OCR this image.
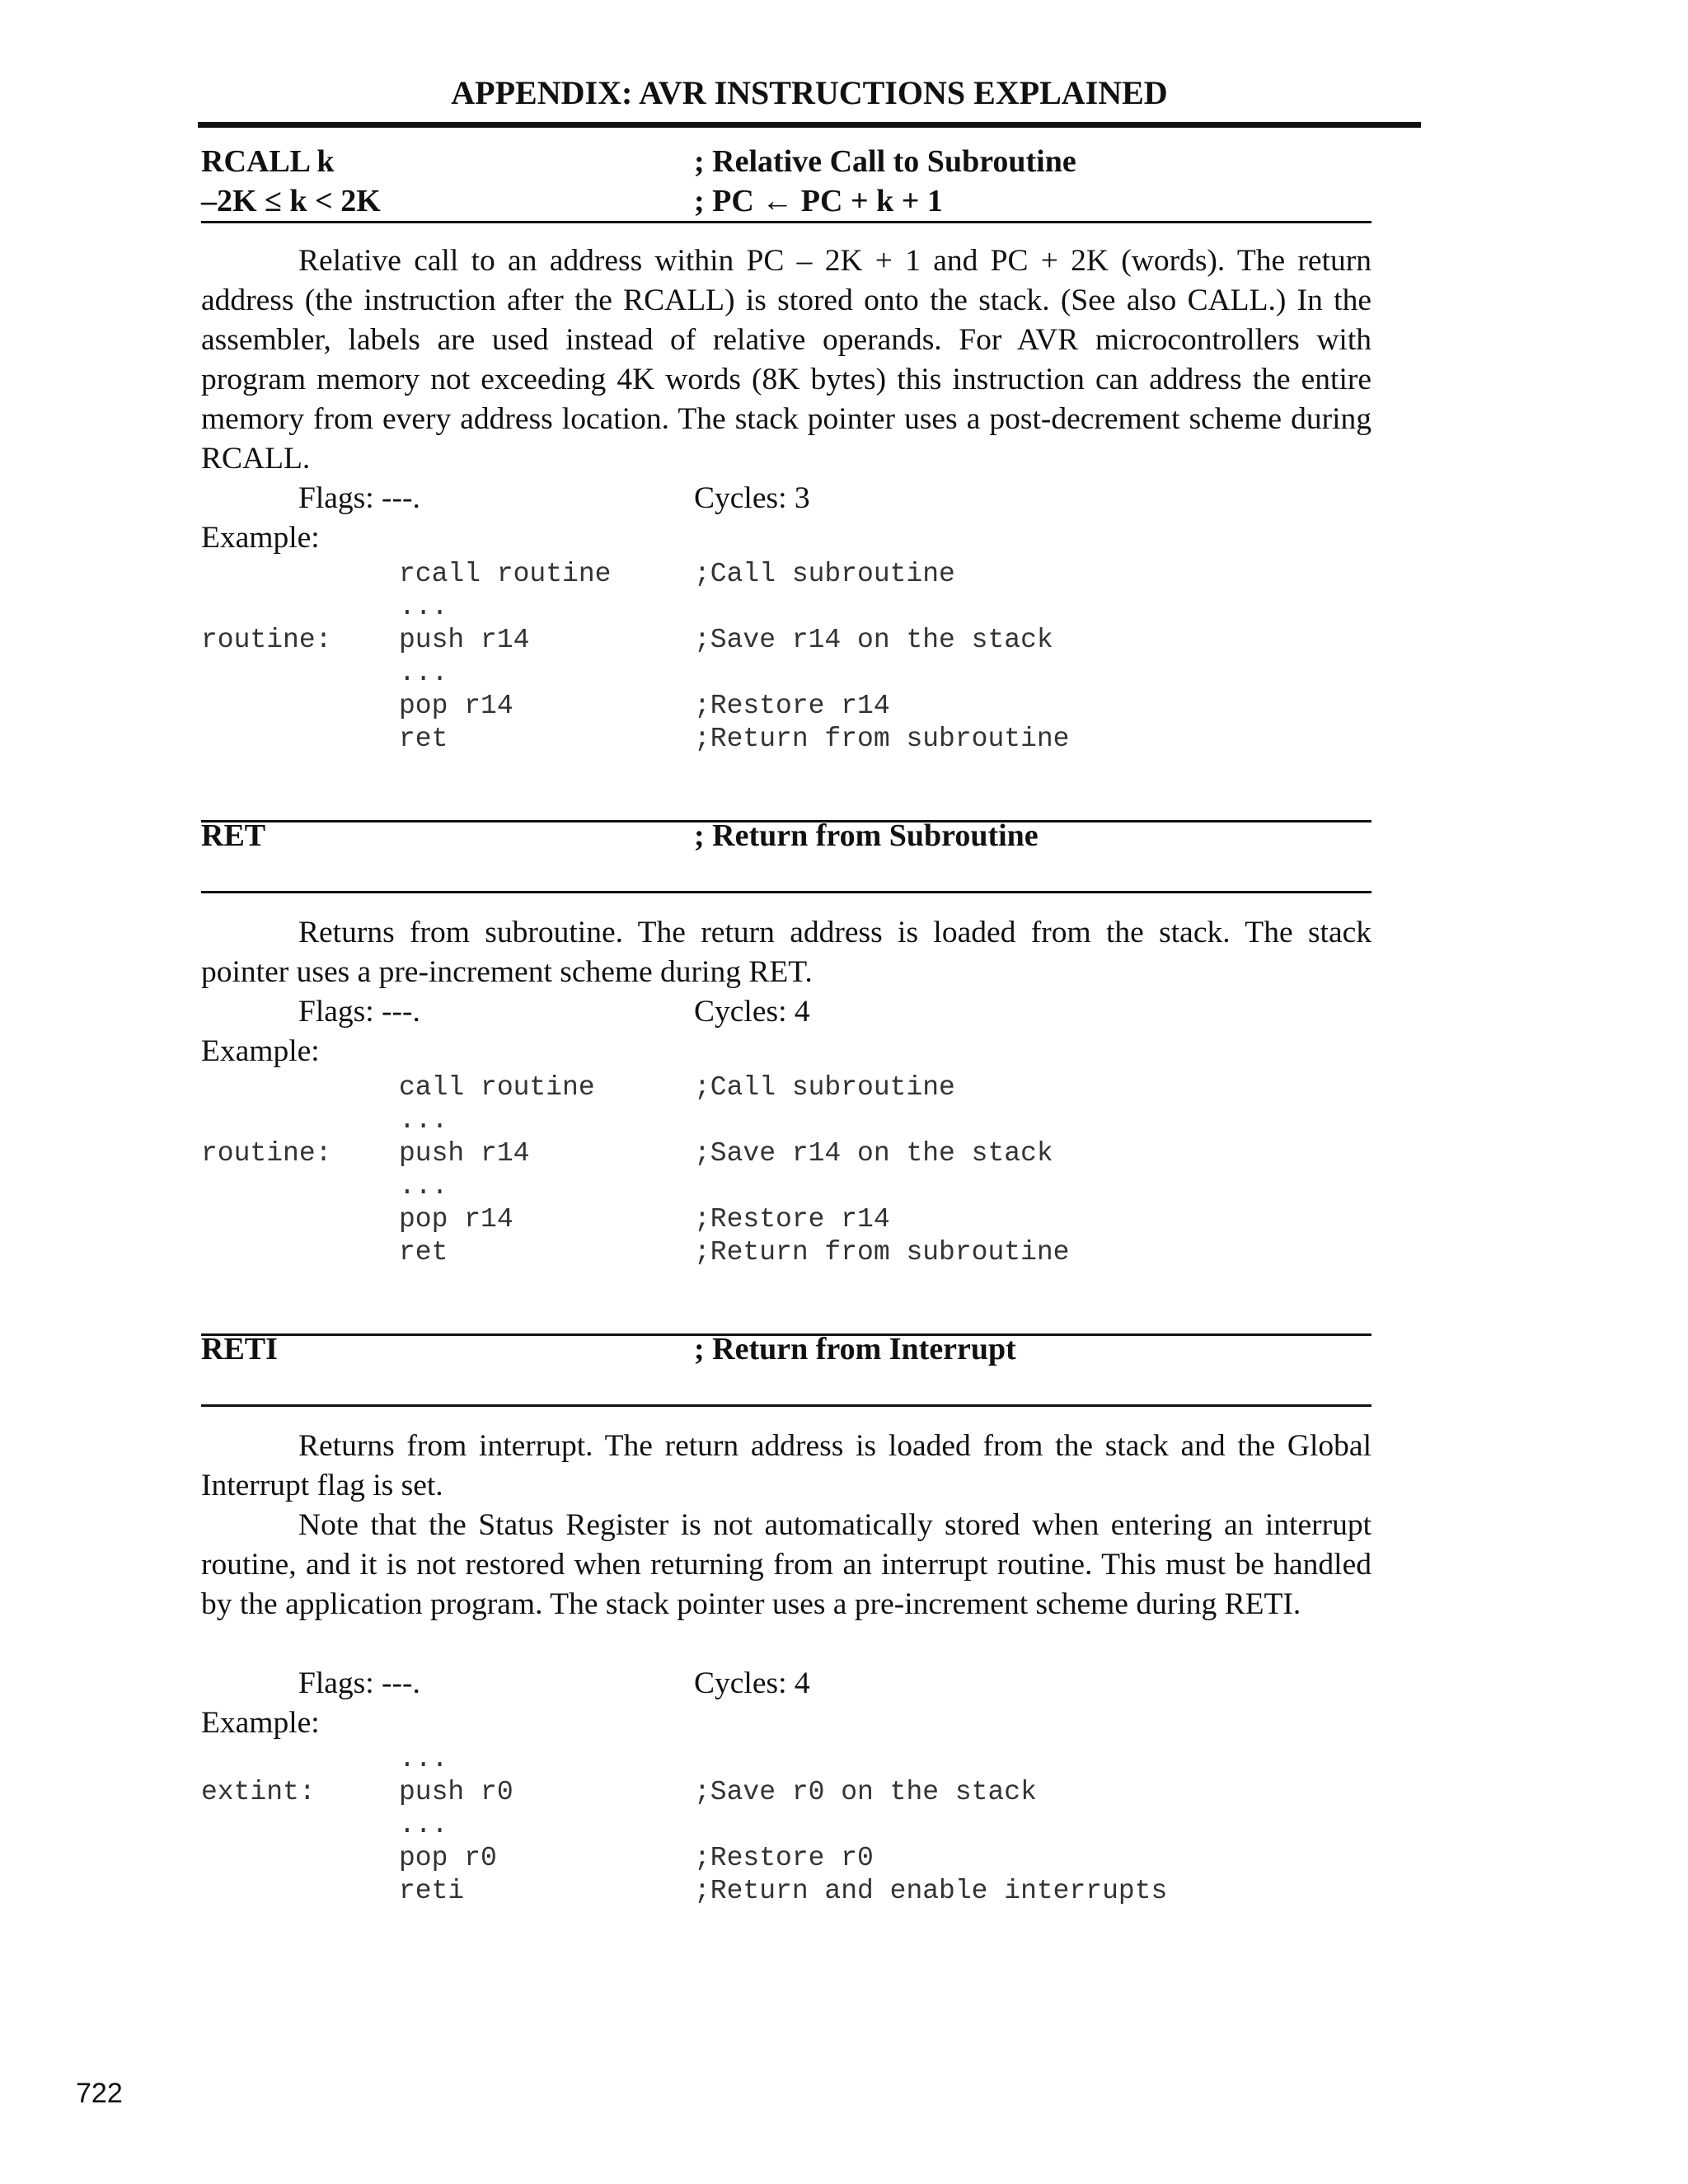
APPENDIX: AVR INSTRUCTIONS EXPLAINED
RCALL k	; Relative Call to Subroutine
–2K ≤ k < 2K	; PC ← PC + k + 1
Relative call to an address within PC – 2K + 1 and PC + 2K (words). The return address (the instruction after the RCALL) is stored onto the stack. (See also CALL.) In the assembler, labels are used instead of relative operands. For AVR microcontrollers with program memory not exceeding 4K words (8K bytes) this instruction can address the entire memory from every address location. The stack pointer uses a post-decrement scheme during RCALL.
Flags: ---.	Cycles: 3
Example:
rcall routine	;Call subroutine
...
routine: push r14	;Save r14 on the stack
...
pop r14	;Restore r14
ret	;Return from subroutine
RET	; Return from Subroutine
Returns from subroutine. The return address is loaded from the stack. The stack pointer uses a pre-increment scheme during RET.
Flags: ---.	Cycles: 4
Example:
call routine	;Call subroutine
...
routine: push r14	;Save r14 on the stack
...
pop r14	;Restore r14
ret	;Return from subroutine
RETI	; Return from Interrupt
Returns from interrupt. The return address is loaded from the stack and the Global Interrupt flag is set.
Note that the Status Register is not automatically stored when entering an interrupt routine, and it is not restored when returning from an interrupt routine. This must be handled by the application program. The stack pointer uses a pre-increment scheme during RETI.
Flags: ---.	Cycles: 4
Example:
...
extint:	push r0	;Save r0 on the stack
...
pop r0	;Restore r0
reti	;Return and enable interrupts
722
